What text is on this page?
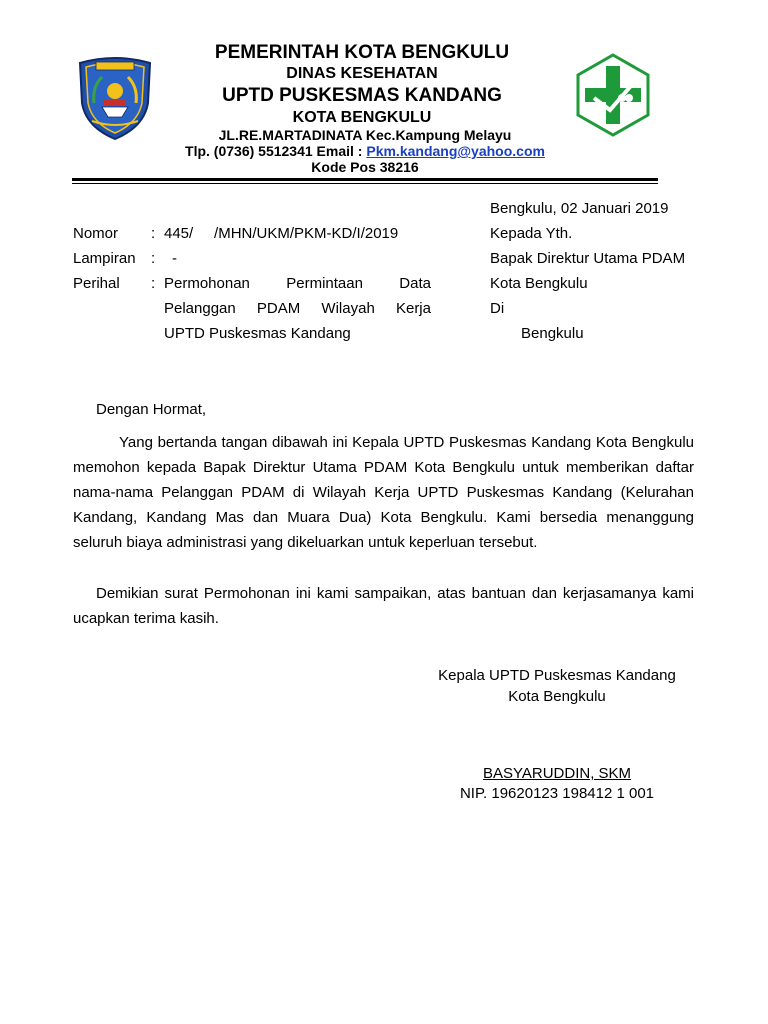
PEMERINTAH KOTA BENGKULU
DINAS KESEHATAN
UPTD PUSKESMAS KANDANG
KOTA BENGKULU
JL.RE.MARTADINATA Kec.Kampung Melayu
Tlp. (0736) 5512341 Email : Pkm.kandang@yahoo.com
Kode Pos 38216
Bengkulu, 02 Januari 2019
Nomor : 445/     /MHN/UKM/PKM-KD/I/2019
Lampiran : -
Perihal : Permohonan Permintaan Data
Pelanggan PDAM Wilayah Kerja
UPTD Puskesmas Kandang
Kepada Yth.
Bapak Direktur Utama PDAM
Kota Bengkulu
Di
Bengkulu
Dengan Hormat,
Yang bertanda tangan dibawah ini Kepala UPTD Puskesmas Kandang Kota Bengkulu memohon kepada Bapak Direktur Utama PDAM Kota Bengkulu untuk memberikan daftar nama-nama Pelanggan PDAM di Wilayah Kerja UPTD Puskesmas Kandang (Kelurahan Kandang, Kandang Mas dan Muara Dua) Kota Bengkulu. Kami bersedia menanggung seluruh biaya administrasi yang dikeluarkan untuk keperluan tersebut.
Demikian surat Permohonan ini kami sampaikan, atas bantuan dan kerjasamanya kami ucapkan terima kasih.
Kepala UPTD Puskesmas Kandang
Kota Bengkulu
BASYARUDDIN, SKM
NIP. 19620123 198412 1 001
